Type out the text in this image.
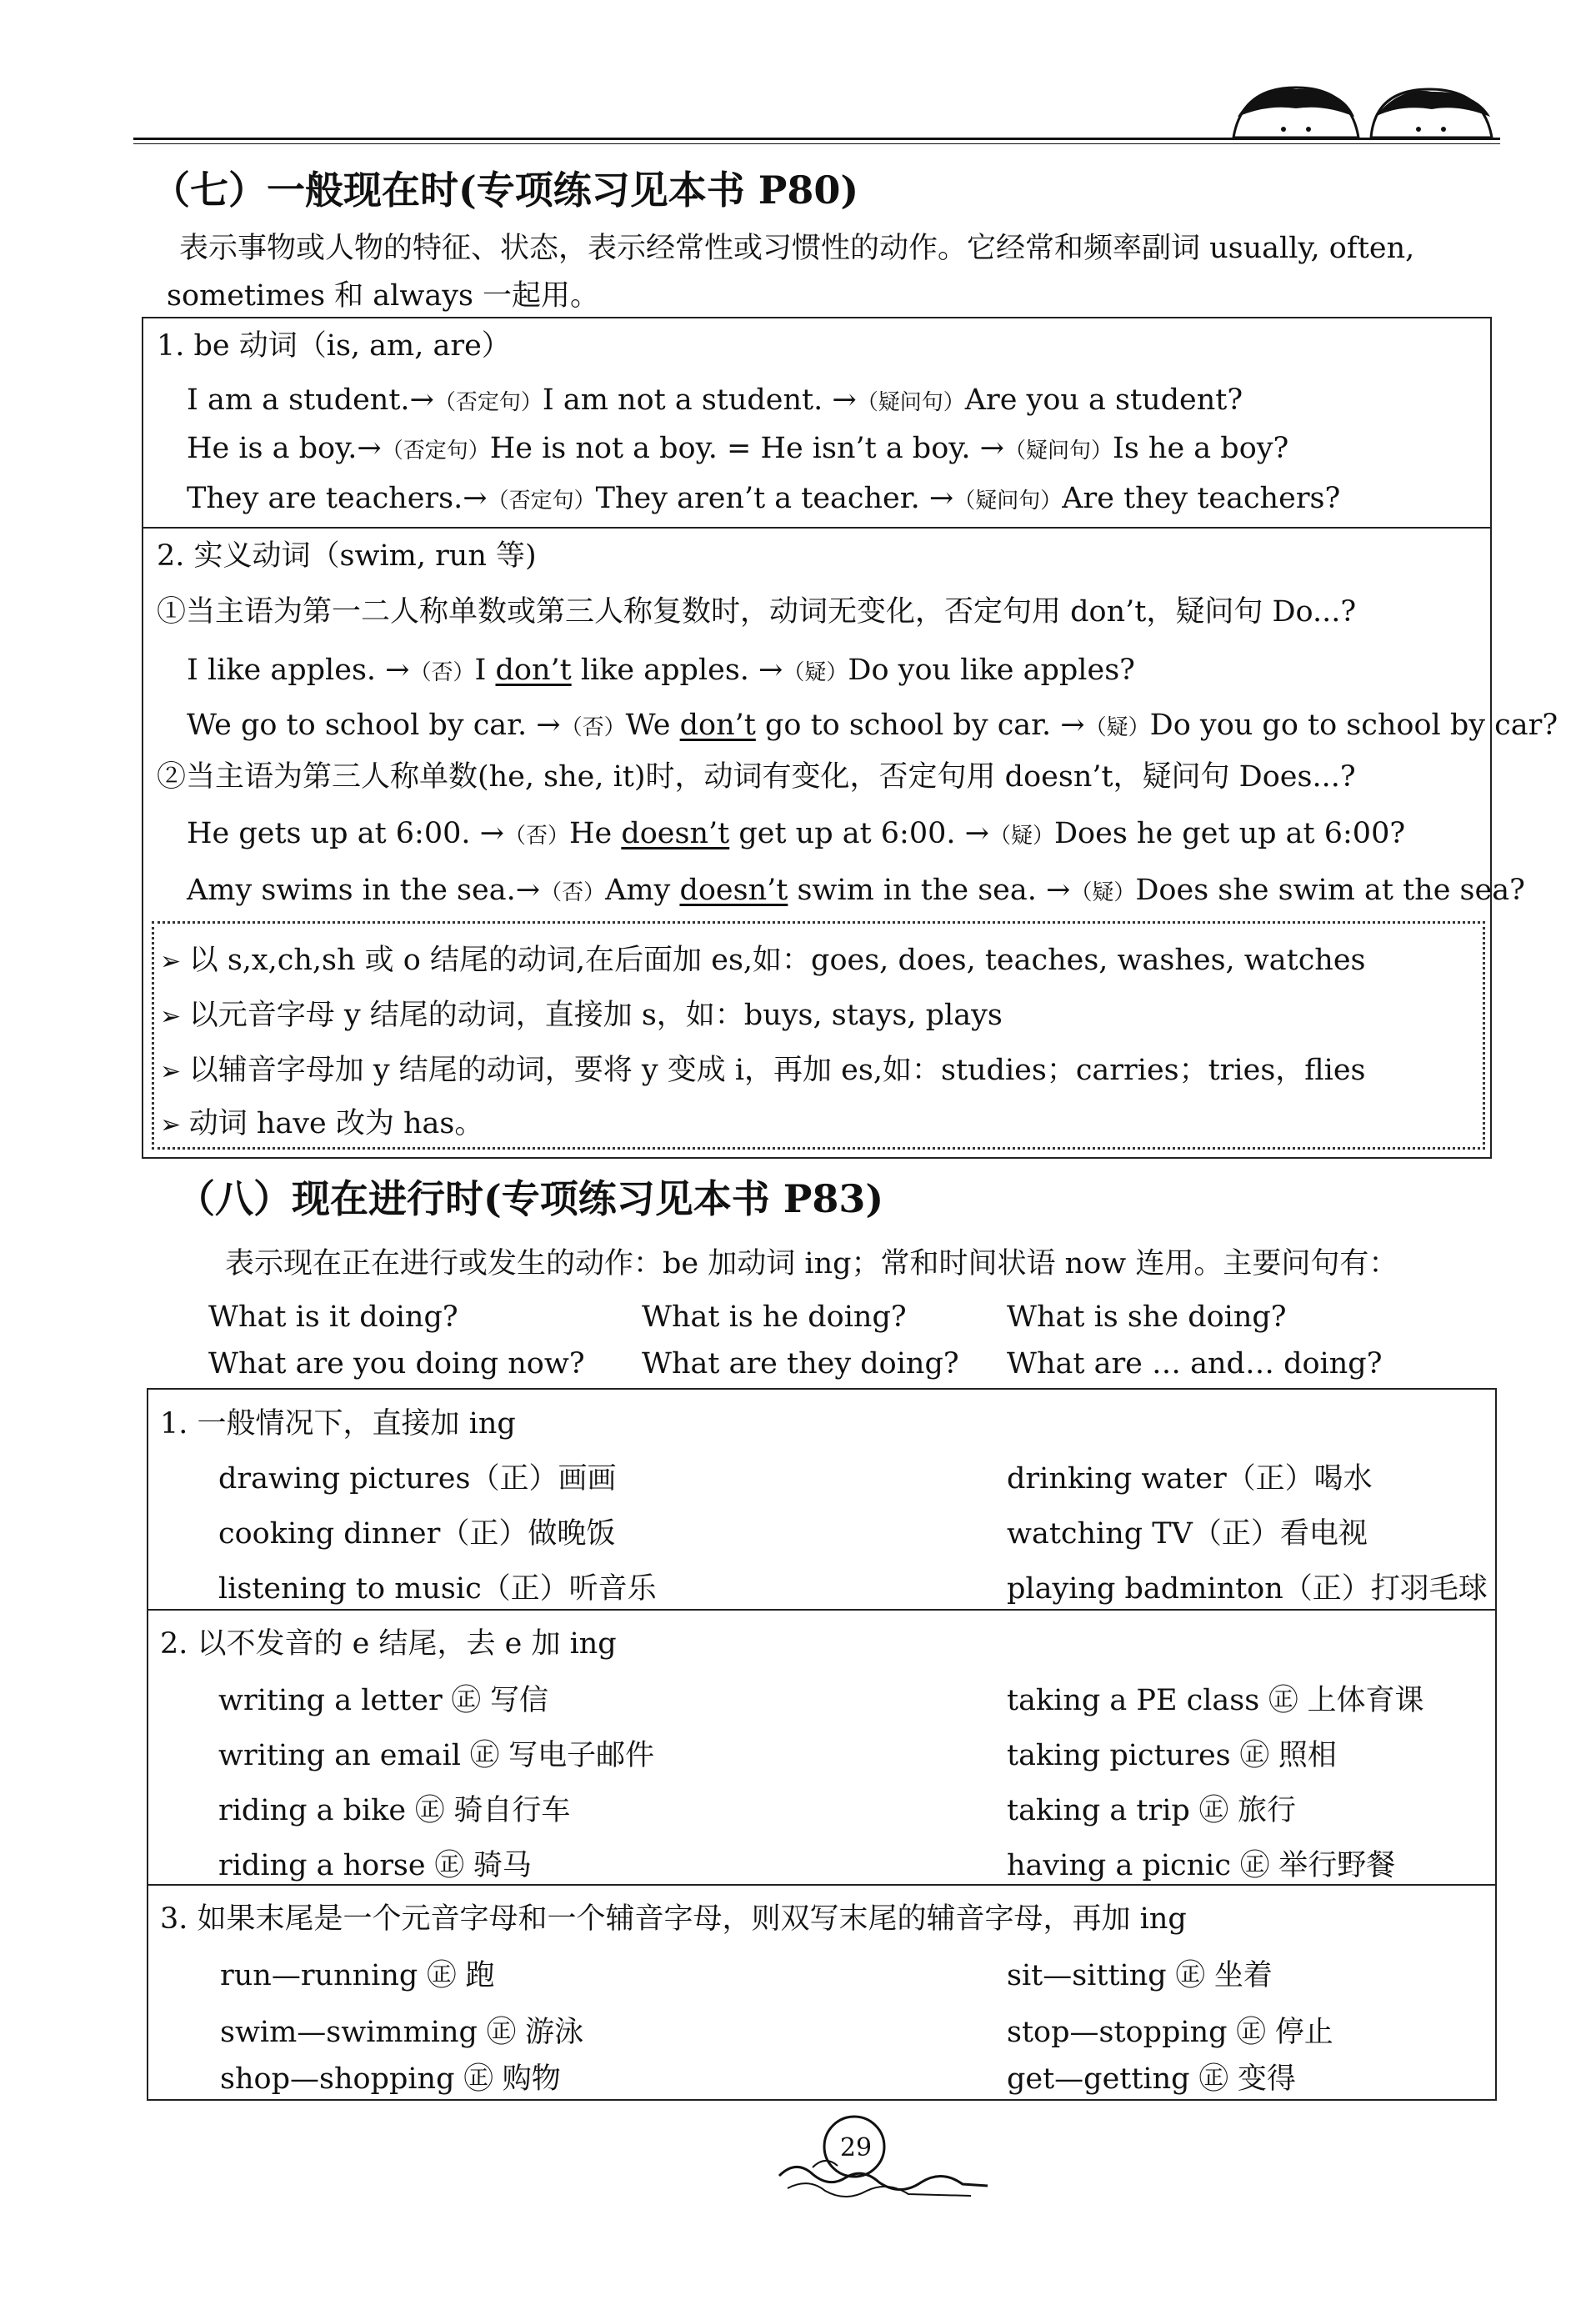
（七）一般现在时(专项练习见本书 P80)
表示事物或人物的特征、状态，表示经常性或习惯性的动作。它经常和频率副词 usually, often,
sometimes 和 always 一起用。
1. be 动词（is, am, are）
I am a student.→（否定句）I am not a student. →（疑问句）Are you a student?
He is a boy.→（否定句）He is not a boy. = He isn’t a boy. →（疑问句）Is he a boy?
They are teachers.→（否定句）They aren’t a teacher. →（疑问句）Are they teachers?
2. 实义动词（swim, run 等)
①当主语为第一二人称单数或第三人称复数时，动词无变化，否定句用 don’t，疑问句 Do...?
I like apples. →（否）I don’t like apples. →（疑）Do you like apples?
We go to school by car. →（否）We don’t go to school by car. →（疑）Do you go to school by car?
②当主语为第三人称单数(he, she, it)时，动词有变化，否定句用 doesn’t，疑问句 Does...?
He gets up at 6:00. →（否）He doesn’t get up at 6:00. →（疑）Does he get up at 6:00?
Amy swims in the sea.→（否）Amy doesn’t swim in the sea. →（疑）Does she swim at the sea?
➢ 以 s,x,ch,sh 或 o 结尾的动词,在后面加 es,如：goes, does, teaches, washes, watches
➢ 以元音字母 y 结尾的动词，直接加 s，如：buys, stays, plays
➢ 以辅音字母加 y 结尾的动词，要将 y 变成 i，再加 es,如：studies；carries；tries，flies
➢ 动词 have 改为 has。
（八）现在进行时(专项练习见本书 P83)
表示现在正在进行或发生的动作：be 加动词 ing；常和时间状语 now 连用。主要问句有：
What is it doing?	What is he doing?	What is she doing?
What are you doing now? What are they doing? What are … and… doing?
1. 一般情况下，直接加 ing
drawing pictures（正）画画
cooking dinner（正）做晚饭
listening to music（正）听音乐
drinking water（正）喝水
watching TV（正）看电视
playing badminton（正）打羽毛球
2. 以不发音的 e 结尾，去 e 加 ing
writing a letter ㊣ 写信
writing an email ㊣ 写电子邮件
riding a bike ㊣ 骑自行车
riding a horse ㊣ 骑马
taking a PE class ㊣ 上体育课
taking pictures ㊣ 照相
taking a trip ㊣ 旅行
having a picnic ㊣ 举行野餐
3. 如果末尾是一个元音字母和一个辅音字母，则双写末尾的辅音字母，再加 ing
run—running ㊣ 跑
swim—swimming ㊣ 游泳
shop—shopping ㊣ 购物
sit—sitting ㊣ 坐着
stop—stopping ㊣ 停止
get—getting ㊣ 变得
29
